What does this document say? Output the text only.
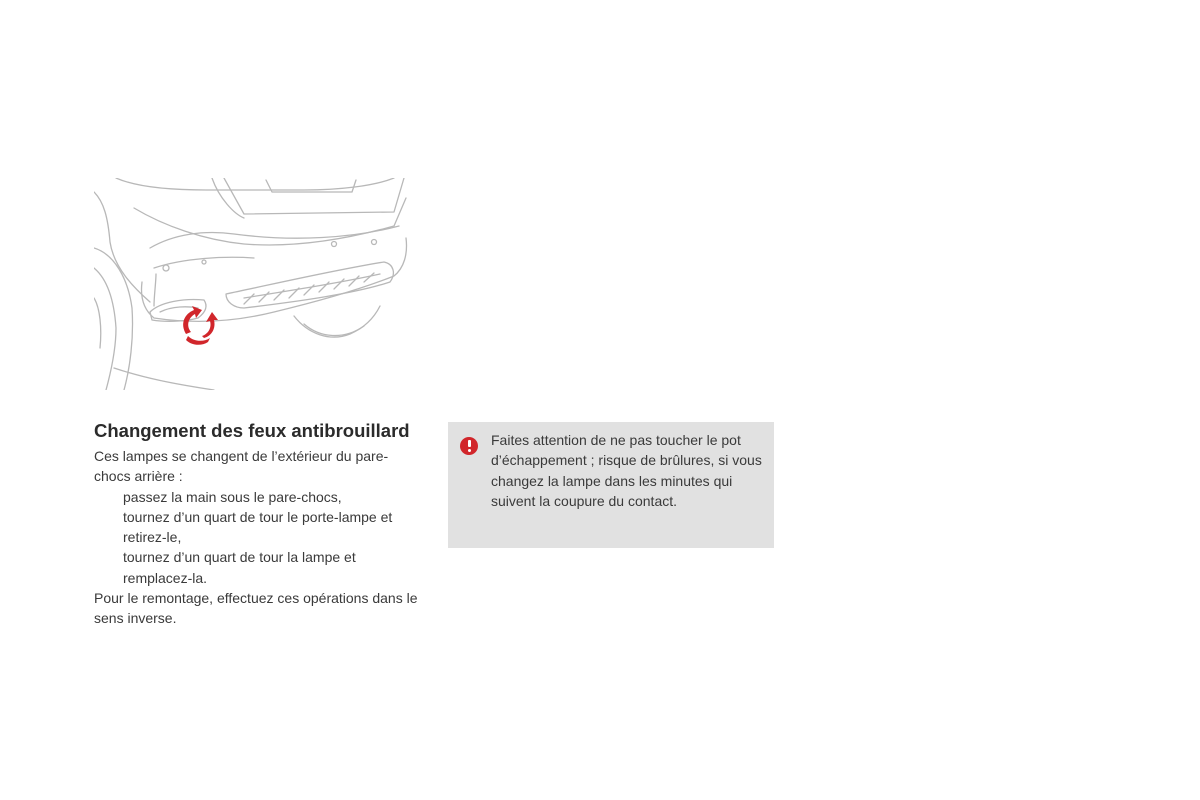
Changement des feux antibrouillard

Ces lampes se changent de l’extérieur du pare-chocs arrière :

passez la main sous le pare-chocs,
tournez d’un quart de tour le porte-lampe et retirez-le,
tournez d’un quart de tour la lampe et remplacez-la.

Pour le remontage, effectuez ces opérations dans le sens inverse.

Faites attention de ne pas toucher le pot d’échappement ; risque de brûlures, si vous changez la lampe dans les minutes qui suivent la coupure du contact.
